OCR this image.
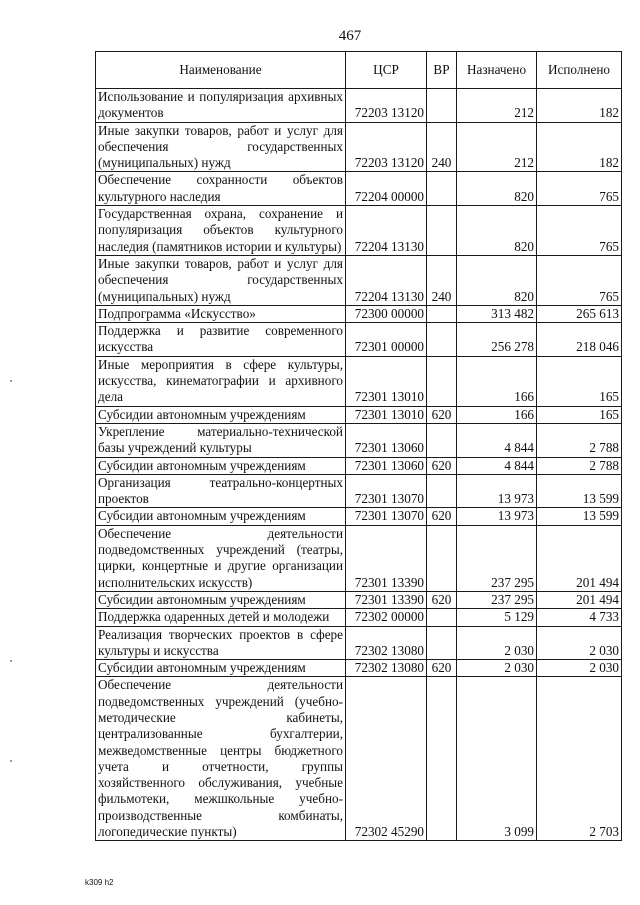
467
Наименование	ЦСР	ВР	Назначено	Исполнено
Использование и популяризация архивных документов	72203 13120		212	182
Иные закупки товаров, работ и услуг для обеспечения государственных (муниципальных) нужд	72203 13120	240	212	182
Обеспечение сохранности объектов культурного наследия	72204 00000		820	765
Государственная охрана, сохранение и популяризация объектов культурного наследия (памятников истории и культуры)	72204 13130		820	765
Иные закупки товаров, работ и услуг для обеспечения государственных (муниципальных) нужд	72204 13130	240	820	765
Подпрограмма «Искусство»	72300 00000		313 482	265 613
Поддержка и развитие современного искусства	72301 00000		256 278	218 046
Иные мероприятия в сфере культуры, искусства, кинематографии и архивного дела	72301 13010		166	165
Субсидии автономным учреждениям	72301 13010	620	166	165
Укрепление материально-технической базы учреждений культуры	72301 13060		4 844	2 788
Субсидии автономным учреждениям	72301 13060	620	4 844	2 788
Организация театрально-концертных проектов	72301 13070		13 973	13 599
Субсидии автономным учреждениям	72301 13070	620	13 973	13 599
Обеспечение деятельности подведомственных учреждений (театры, цирки, концертные и другие организации исполнительских искусств)	72301 13390		237 295	201 494
Субсидии автономным учреждениям	72301 13390	620	237 295	201 494
Поддержка одаренных детей и молодежи	72302 00000		5 129	4 733
Реализация творческих проектов в сфере культуры и искусства	72302 13080		2 030	2 030
Субсидии автономным учреждениям	72302 13080	620	2 030	2 030
Обеспечение деятельности подведомственных учреждений (учебно-методические кабинеты, централизованные бухгалтерии, межведомственные центры бюджетного учета и отчетности, группы хозяйственного обслуживания, учебные фильмотеки, межшкольные учебно-производственные комбинаты, логопедические пункты)	72302 45290		3 099	2 703
k309 h2
